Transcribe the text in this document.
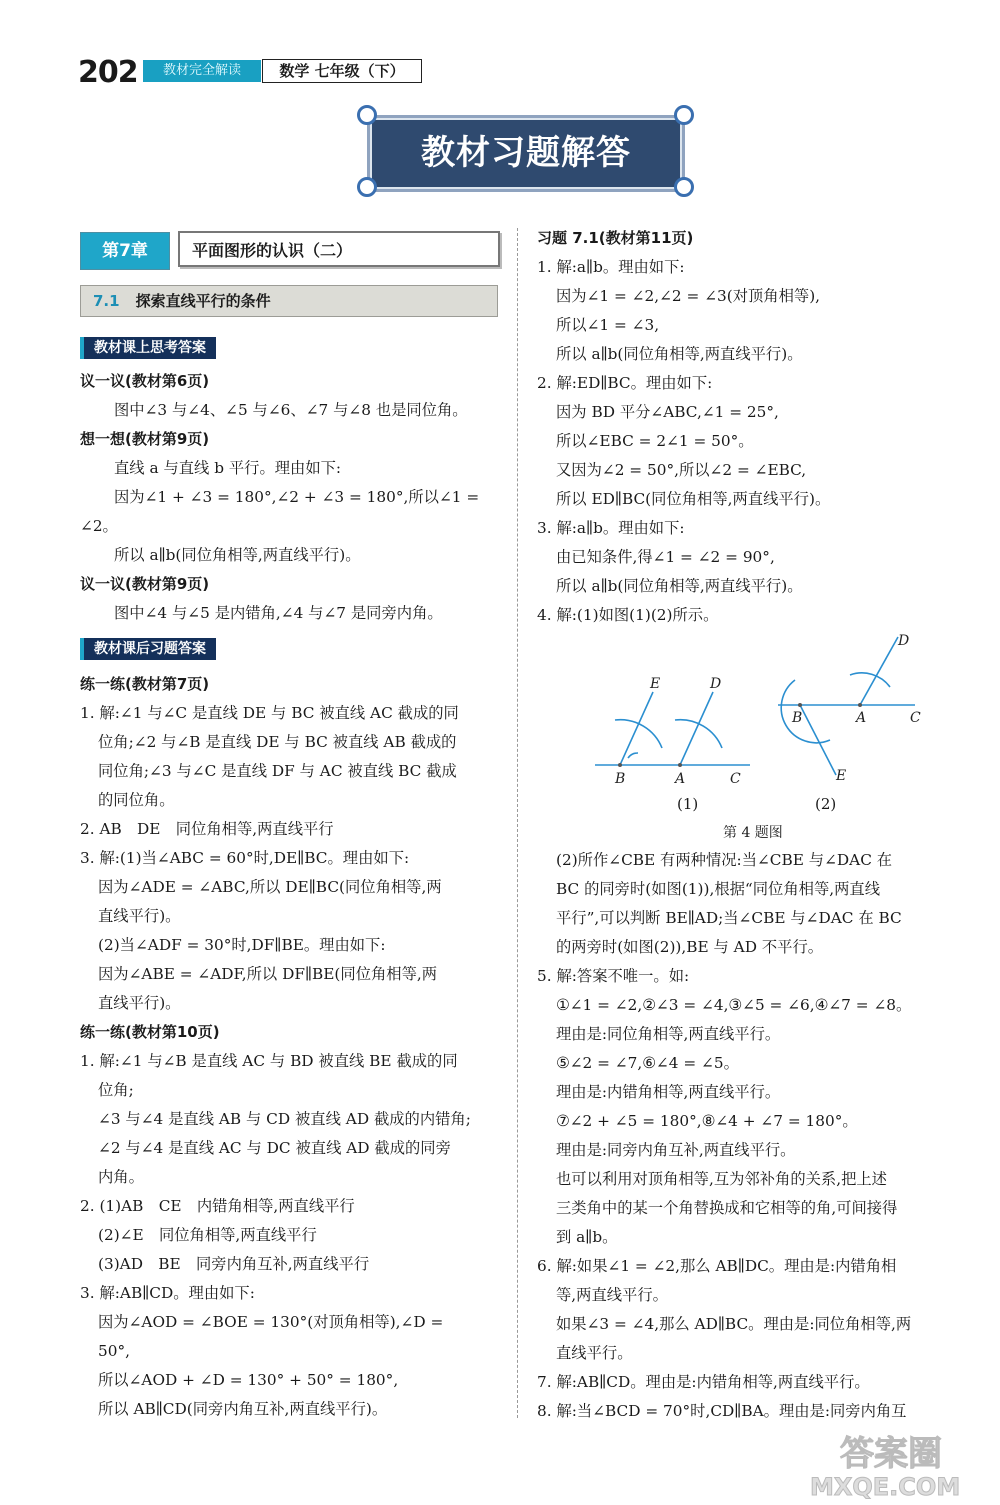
202	教材完全解读	数学 七年级（下）
教材习题解答
第7章	平面图形的认识（二）
7.1 探索直线平行的条件
教材课上思考答案
教材课后习题答案
议一议(教材第6页)
图中∠3 与∠4、∠5 与∠6、∠7 与∠8 也是同位角。
想一想(教材第9页)
直线 a 与直线 b 平行。理由如下:
因为∠1 + ∠3 = 180°,∠2 + ∠3 = 180°,所以∠1 =
∠2。
所以 a∥b(同位角相等,两直线平行)。
议一议(教材第9页)
图中∠4 与∠5 是内错角,∠4 与∠7 是同旁内角。
练一练(教材第7页)
1. 解:∠1 与∠C 是直线 DE 与 BC 被直线 AC 截成的同
位角;∠2 与∠B 是直线 DE 与 BC 被直线 AB 截成的
同位角;∠3 与∠C 是直线 DF 与 AC 被直线 BC 截成
的同位角。
2. AB　DE　同位角相等,两直线平行
3. 解:(1)当∠ABC = 60°时,DE∥BC。理由如下:
因为∠ADE = ∠ABC,所以 DE∥BC(同位角相等,两
直线平行)。
(2)当∠ADF = 30°时,DF∥BE。理由如下:
因为∠ABE = ∠ADF,所以 DF∥BE(同位角相等,两
直线平行)。
练一练(教材第10页)
1. 解:∠1 与∠B 是直线 AC 与 BD 被直线 BE 截成的同
位角;
∠3 与∠4 是直线 AB 与 CD 被直线 AD 截成的内错角;
∠2 与∠4 是直线 AC 与 DC 被直线 AD 截成的同旁
内角。
2. (1)AB　CE　内错角相等,两直线平行
(2)∠E　同位角相等,两直线平行
(3)AD　BE　同旁内角互补,两直线平行
3. 解:AB∥CD。理由如下:
因为∠AOD = ∠BOE = 130°(对顶角相等),∠D =
50°,
所以∠AOD + ∠D = 130° + 50° = 180°,
所以 AB∥CD(同旁内角互补,两直线平行)。
习题 7.1(教材第11页)
1. 解:a∥b。理由如下:
因为∠1 = ∠2,∠2 = ∠3(对顶角相等),
所以∠1 = ∠3,
所以 a∥b(同位角相等,两直线平行)。
2. 解:ED∥BC。理由如下:
因为 BD 平分∠ABC,∠1 = 25°,
所以∠EBC = 2∠1 = 50°。
又因为∠2 = 50°,所以∠2 = ∠EBC,
所以 ED∥BC(同位角相等,两直线平行)。
3. 解:a∥b。理由如下:
由已知条件,得∠1 = ∠2 = 90°,
所以 a∥b(同位角相等,两直线平行)。
4. 解:(1)如图(1)(2)所示。
(2)所作∠CBE 有两种情况:当∠CBE 与∠DAC 在
BC 的同旁时(如图(1)),根据“同位角相等,两直线
平行”,可以判断 BE∥AD;当∠CBE 与∠DAC 在 BC
的两旁时(如图(2)),BE 与 AD 不平行。
5. 解:答案不唯一。如:
①∠1 = ∠2,②∠3 = ∠4,③∠5 = ∠6,④∠7 = ∠8。
理由是:同位角相等,两直线平行。
⑤∠2 = ∠7,⑥∠4 = ∠5。
理由是:内错角相等,两直线平行。
⑦∠2 + ∠5 = 180°,⑧∠4 + ∠7 = 180°。
理由是:同旁内角互补,两直线平行。
也可以利用对顶角相等,互为邻补角的关系,把上述
三类角中的某一个角替换成和它相等的角,可间接得
到 a∥b。
6. 解:如果∠1 = ∠2,那么 AB∥DC。理由是:内错角相
等,两直线平行。
如果∠3 = ∠4,那么 AD∥BC。理由是:同位角相等,两
直线平行。
7. 解:AB∥CD。理由是:内错角相等,两直线平行。
8. 解:当∠BCD = 70°时,CD∥BA。理由是:同旁内角互
E	D
B	A	C
D
B	A	C
E
(1)	(2)
第 4 题图
答案圈
MXQE.COM
